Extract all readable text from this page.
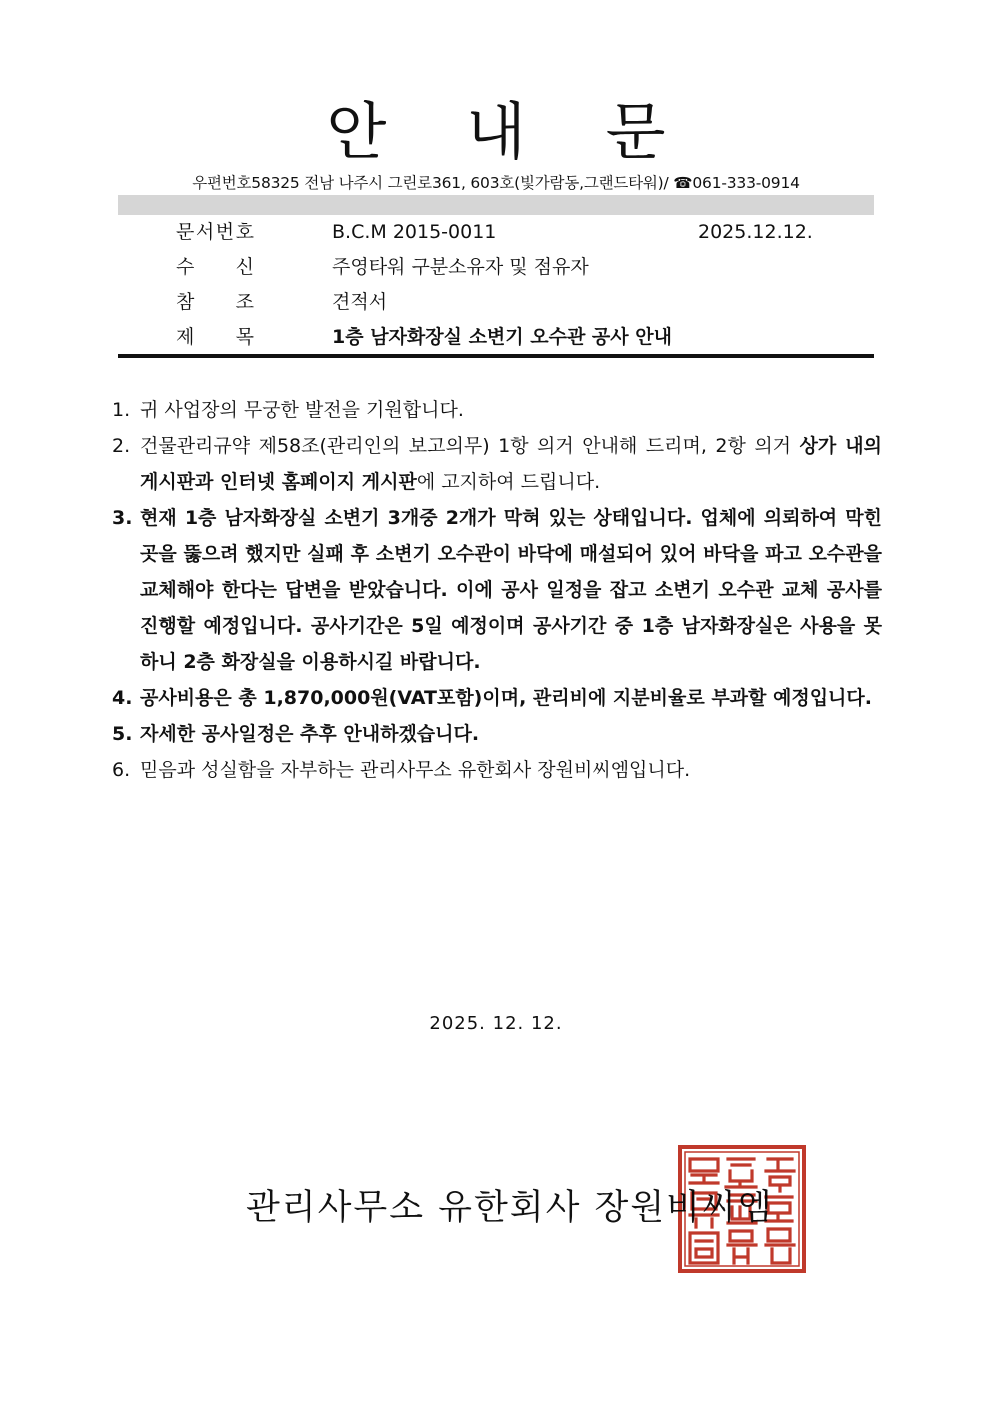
안 내 문
우편번호58325 전남 나주시 그린로361, 603호(빛가람동,그랜드타워)/ ☎061-333-0914
문 서 번 호	B.C.M 2015-0011	2025.12.12.
수 신	주영타워 구분소유자 및 점유자
참 조	견적서
제 목	1층 남자화장실 소변기 오수관 공사 안내
1. 귀 사업장의 무궁한 발전을 기원합니다.
2. 건물관리규약 제58조(관리인의 보고의무) 1항 의거 안내해 드리며, 2항 의거 상가 내의 게시판과 인터넷 홈페이지 게시판에 고지하여 드립니다.
3. 현재 1층 남자화장실 소변기 3개중 2개가 막혀 있는 상태입니다. 업체에 의뢰하여 막힌 곳을 뚫으려 했지만 실패 후 소변기 오수관이 바닥에 매설되어 있어 바닥을 파고 오수관을 교체해야 한다는 답변을 받았습니다. 이에 공사 일정을 잡고 소변기 오수관 교체 공사를 진행할 예정입니다. 공사기간은 5일 예정이며 공사기간 중 1층 남자화장실은 사용을 못하니 2층 화장실을 이용하시길 바랍니다.
4. 공사비용은 총 1,870,000원(VAT포함)이며, 관리비에 지분비율로 부과할 예정입니다.
5. 자세한 공사일정은 추후 안내하겠습니다.
6. 믿음과 성실함을 자부하는 관리사무소 유한회사 장원비씨엠입니다.
2025. 12. 12.
관리사무소 유한회사 장원비씨엠
